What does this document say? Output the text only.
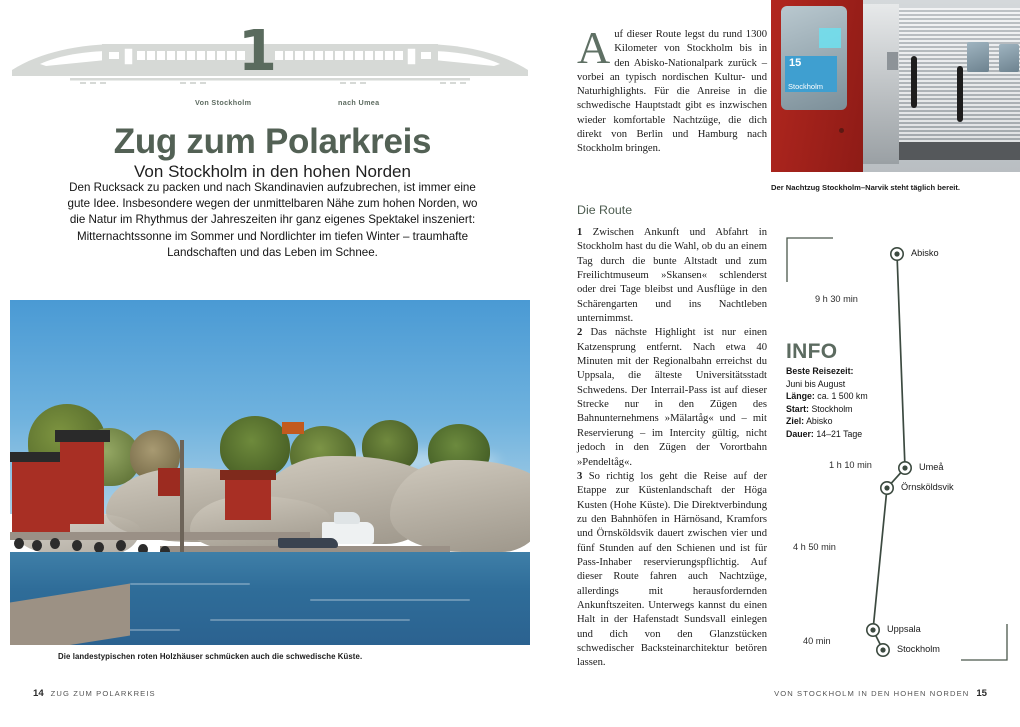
Von Stockholm	nach Umea
1
Zug zum Polarkreis
Von Stockholm in den hohen Norden
Den Rucksack zu packen und nach Skandinavien aufzubrechen, ist immer eine gute Idee. Insbesondere wegen der unmittelbaren Nähe zum hohen Norden, wo die Natur im Rhythmus der Jahreszeiten ihr ganz eigenes Spektakel inszeniert: Mitternachtssonne im Sommer und Nordlichter im tiefen Winter – traumhafte Landschaften und das Leben im Schnee.
Die landestypischen roten Holzhäuser schmücken auch die schwedische Küste.
14 ZUG ZUM POLARKREIS
15
Stockholm
Der Nachtzug Stockholm–Narvik steht täglich bereit.
Auf dieser Route legst du rund 1300 Kilometer von Stockholm bis in den Abisko-Nationalpark zurück – vorbei an typisch nordischen Kultur- und Naturhighlights. Für die Anreise in die schwedische Hauptstadt gibt es inzwischen wieder komfortable Nachtzüge, die dich direkt von Berlin und Hamburg nach Stockholm bringen.
Die Route

1 Zwischen Ankunft und Abfahrt in Stockholm hast du die Wahl, ob du an einem Tag durch die bunte Altstadt und zum Freilichtmuseum »Skansen« schlenderst oder drei Tage bleibst und Ausflüge in den Schärengarten und ins Nachtleben unternimmst.

2 Das nächste Highlight ist nur einen Katzensprung entfernt. Nach etwa 40 Minuten mit der Regionalbahn erreichst du Uppsala, die älteste Universitätsstadt Schwedens. Der Interrail-Pass ist auf dieser Strecke nur in den Zügen des Bahnunternehmens »Mälartåg« und – mit Reservierung – im Intercity gültig, nicht jedoch in den Zügen der Vorortbahn »Pendeltåg«.

3 So richtig los geht die Reise auf der Etappe zur Küstenlandschaft der Höga Kusten (Hohe Küste). Die Direktverbindung zu den Bahnhöfen in Härnösand, Kramfors und Örnsköldsvik dauert zwischen vier und fünf Stunden auf den Schienen und ist für Pass-Inhaber reservierungspflichtig. Auf dieser Route fahren auch Nachtzüge, allerdings mit herausfordernden Ankunftszeiten. Unterwegs kannst du einen Halt in der Hafenstadt Sundsvall einlegen und dich von den Glanzstücken schwedischer Backsteinarchitektur betören lassen.

Abisko
Umeå
Örnsköldsvik
Uppsala
Stockholm
9 h 30 min
1 h 10 min
4 h 50 min
40 min
INFO
Beste Reisezeit:
Juni bis August
Länge: ca. 1 500 km
Start: Stockholm
Ziel: Abisko
Dauer: 14–21 Tage
VON STOCKHOLM IN DEN HOHEN NORDEN 15
